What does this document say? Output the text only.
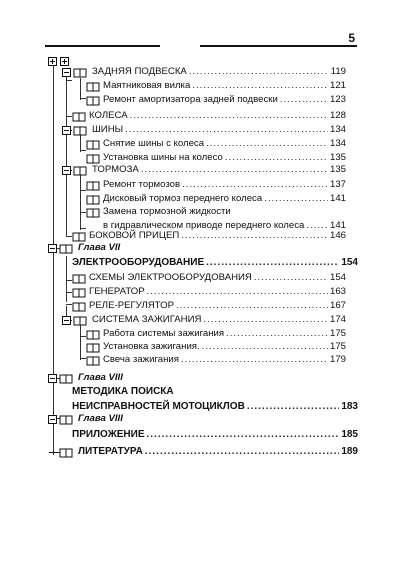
5
ЗАДНЯЯ ПОДВЕСКА .....	119
Маятниковая вилка .....	121
Ремонт амортизатора задней подвески .....	123
КОЛЕСА .....	128
ШИНЫ .....	134
Снятие шины с колеса .....	134
Установка шины на колесо .....	135
ТОРМОЗА .....	135
Ремонт тормозов .....	137
Дисковый тормоз переднего колеса .....	141
Замена тормозной жидкости
в гидравлическом приводе переднего колеса .....	141
БОКОВОЙ ПРИЦЕП .....	146
Глава VII
ЭЛЕКТРООБОРУДОВАНИЕ .....	154
СХЕМЫ ЭЛЕКТРООБОРУДОВАНИЯ .....	154
ГЕНЕРАТОР .....	163
РЕЛЕ-РЕГУЛЯТОР .....	167
СИСТЕМА ЗАЖИГАНИЯ .....	174
Работа системы зажигания .....	175
Установка зажигания. .....	175
Свеча зажигания .....	179
Глава VIII
МЕТОДИКА ПОИСКА
НЕИСПРАВНОСТЕЙ МОТОЦИКЛОВ .....	183
Глава VIII
ПРИЛОЖЕНИЕ .....	185
ЛИТЕРАТУРА .....	189
